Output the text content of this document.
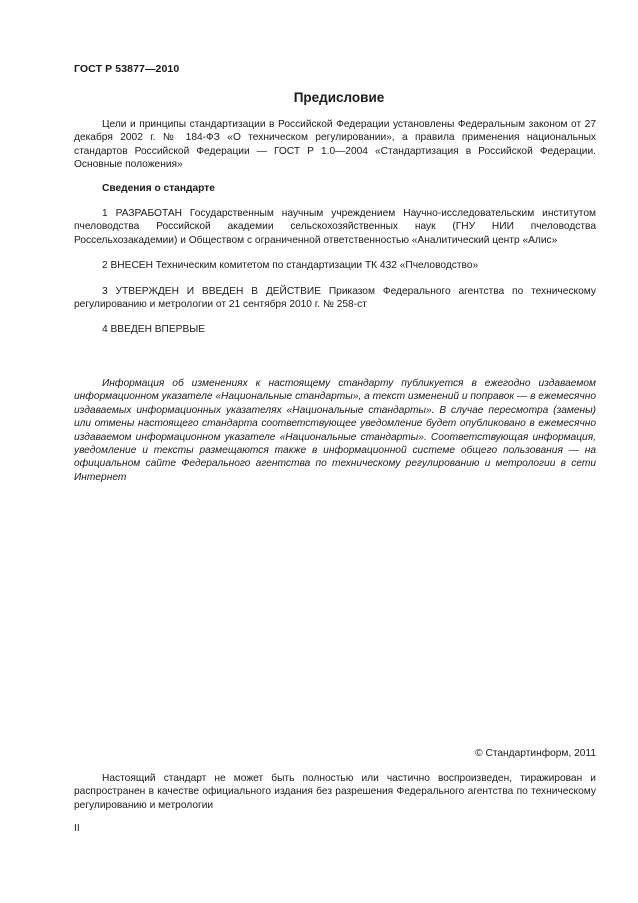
ГОСТ Р 53877—2010
Предисловие

Цели и принципы стандартизации в Российской Федерации установлены Федеральным законом от 27 декабря 2002 г. № 184-ФЗ «О техническом регулировании», а правила применения национальных стандартов Российской Федерации — ГОСТ Р 1.0—2004 «Стандартизация в Российской Федерации. Основные положения»

Сведения о стандарте

1 РАЗРАБОТАН Государственным научным учреждением Научно-исследовательским институтом пчеловодства Российской академии сельскохозяйственных наук (ГНУ НИИ пчеловодства Россельхозакадемии) и Обществом с ограниченной ответственностью «Аналитический центр «Алис»

2 ВНЕСЕН Техническим комитетом по стандартизации ТК 432 «Пчеловодство»

3 УТВЕРЖДЕН И ВВЕДЕН В ДЕЙСТВИЕ Приказом Федерального агентства по техническому регулированию и метрологии от 21 сентября 2010 г. № 258-ст

4 ВВЕДЕН ВПЕРВЫЕ

Информация об изменениях к настоящему стандарту публикуется в ежегодно издаваемом информационном указателе «Национальные стандарты», а текст изменений и поправок — в ежемесячно издаваемых информационных указателях «Национальные стандарты». В случае пересмотра (замены) или отмены настоящего стандарта соответствующее уведомление будет опубликовано в ежемесячно издаваемом информационном указателе «Национальные стандарты». Соответствующая информация, уведомление и тексты размещаются также в информационной системе общего пользования — на официальном сайте Федерального агентства по техническому регулированию и метрологии в сети Интернет

© Стандартинформ, 2011

Настоящий стандарт не может быть полностью или частично воспроизведен, тиражирован и распространен в качестве официального издания без разрешения Федерального агентства по техническому регулированию и метрологии

II
